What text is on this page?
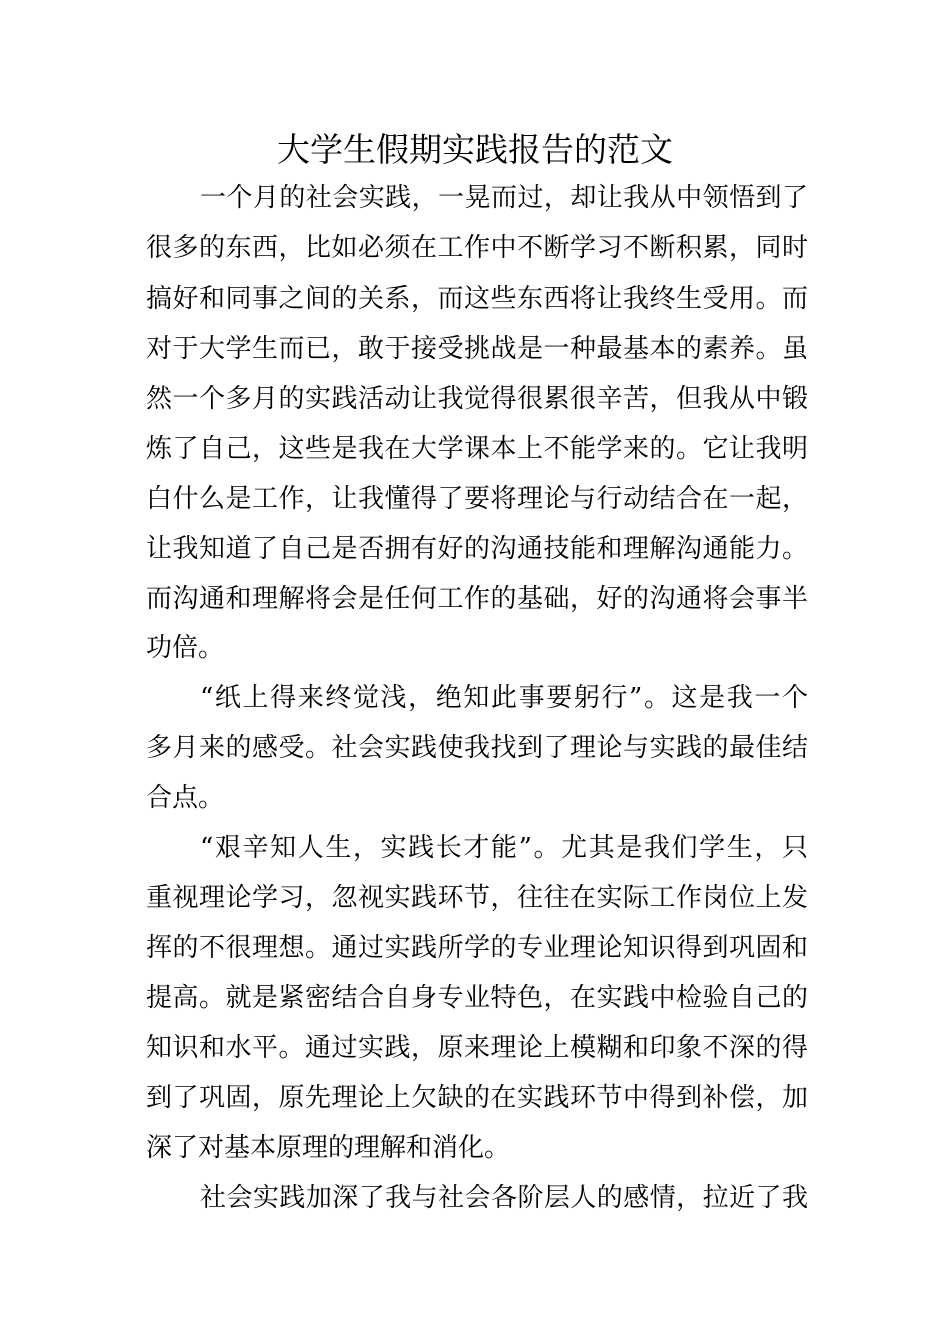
大学生假期实践报告的范文
一个月的社会实践，一晃而过，却让我从中领悟到了
很多的东西，比如必须在工作中不断学习不断积累，同时
搞好和同事之间的关系，而这些东西将让我终生受用。而
对于大学生而已，敢于接受挑战是一种最基本的素养。虽
然一个多月的实践活动让我觉得很累很辛苦，但我从中锻
炼了自己，这些是我在大学课本上不能学来的。它让我明
白什么是工作，让我懂得了要将理论与行动结合在一起，
让我知道了自己是否拥有好的沟通技能和理解沟通能力。
而沟通和理解将会是任何工作的基础，好的沟通将会事半
功倍。
“纸上得来终觉浅，绝知此事要躬行”。这是我一个
多月来的感受。社会实践使我找到了理论与实践的最佳结
合点。
“艰辛知人生，实践长才能”。尤其是我们学生，只
重视理论学习，忽视实践环节，往往在实际工作岗位上发
挥的不很理想。通过实践所学的专业理论知识得到巩固和
提高。就是紧密结合自身专业特色，在实践中检验自己的
知识和水平。通过实践，原来理论上模糊和印象不深的得
到了巩固，原先理论上欠缺的在实践环节中得到补偿，加
深了对基本原理的理解和消化。
社会实践加深了我与社会各阶层人的感情，拉近了我
